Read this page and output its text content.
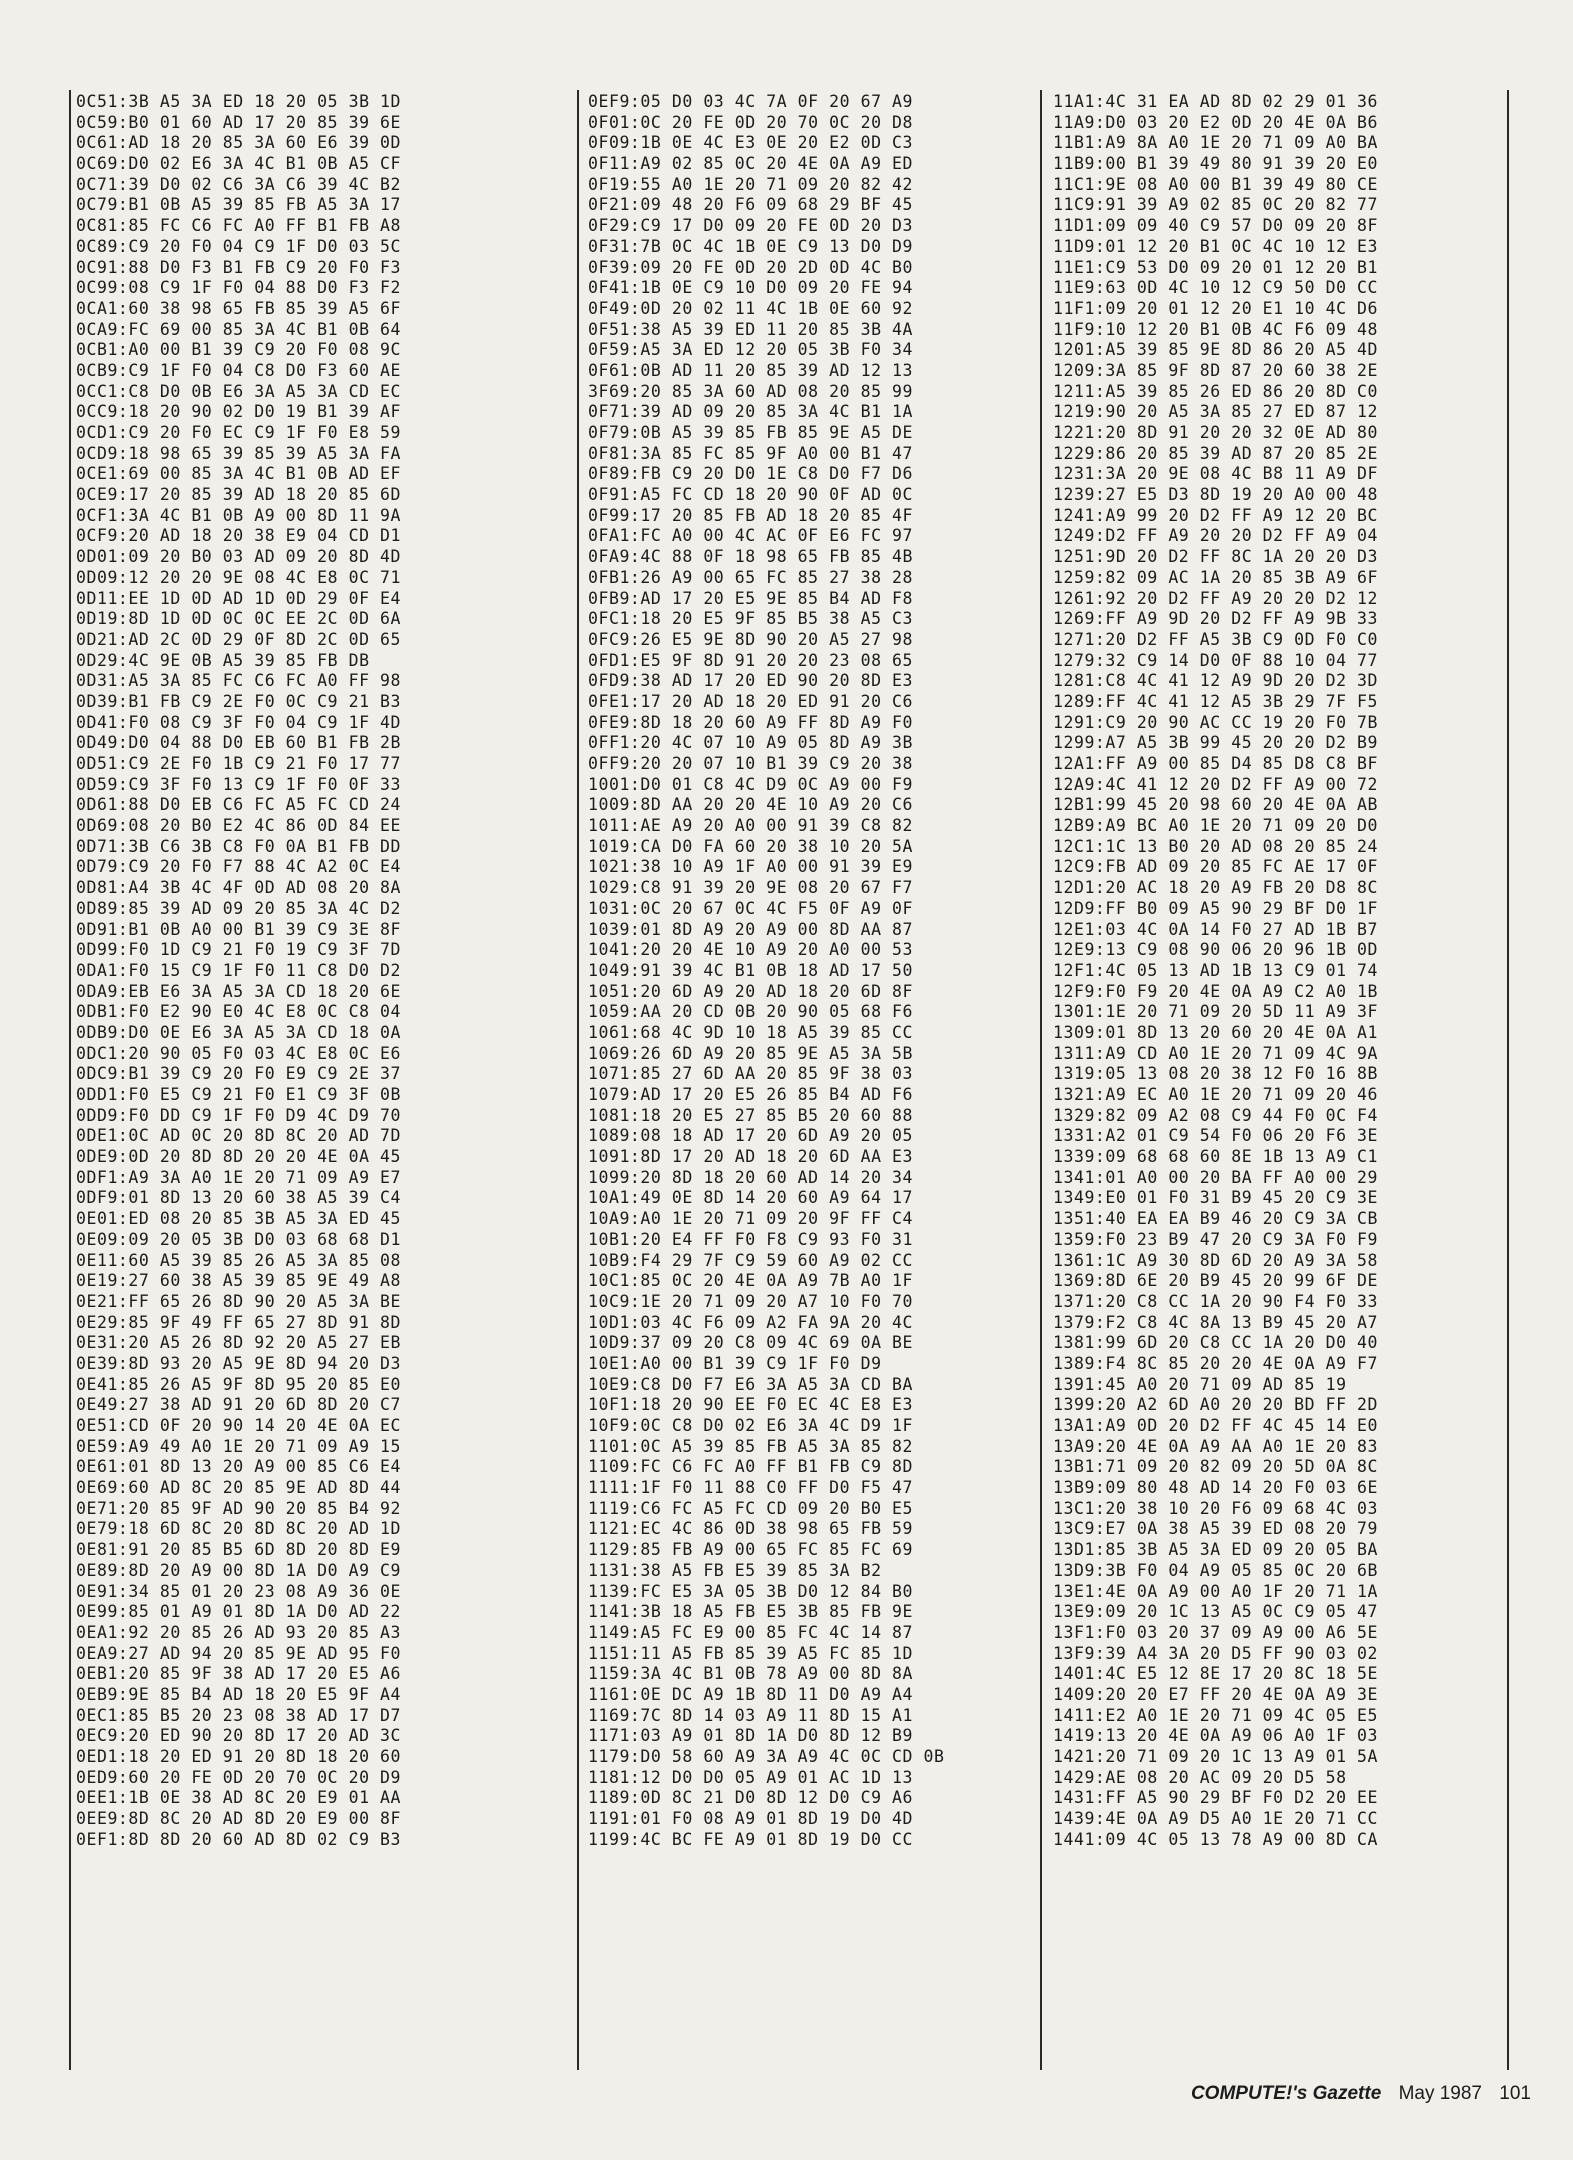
0C51:3B A5 3A ED 18 20 05 3B 1D
0C59:B0 01 60 AD 17 20 85 39 6E
0C61:AD 18 20 85 3A 60 E6 39 0D
0C69:D0 02 E6 3A 4C B1 0B A5 CF
0C71:39 D0 02 C6 3A C6 39 4C B2
0C79:B1 0B A5 39 85 FB A5 3A 17
0C81:85 FC C6 FC A0 FF B1 FB A8
0C89:C9 20 F0 04 C9 1F D0 03 5C
0C91:88 D0 F3 B1 FB C9 20 F0 F3
0C99:08 C9 1F F0 04 88 D0 F3 F2
0CA1:60 38 98 65 FB 85 39 A5 6F
0CA9:FC 69 00 85 3A 4C B1 0B 64
0CB1:A0 00 B1 39 C9 20 F0 08 9C
0CB9:C9 1F F0 04 C8 D0 F3 60 AE
0CC1:C8 D0 0B E6 3A A5 3A CD EC
0CC9:18 20 90 02 D0 19 B1 39 AF
0CD1:C9 20 F0 EC C9 1F F0 E8 59
0CD9:18 98 65 39 85 39 A5 3A FA
0CE1:69 00 85 3A 4C B1 0B AD EF
0CE9:17 20 85 39 AD 18 20 85 6D
0CF1:3A 4C B1 0B A9 00 8D 11 9A
0CF9:20 AD 18 20 38 E9 04 CD D1
0D01:09 20 B0 03 AD 09 20 8D 4D
0D09:12 20 20 9E 08 4C E8 0C 71
0D11:EE 1D 0D AD 1D 0D 29 0F E4
0D19:8D 1D 0D 0C 0C EE 2C 0D 6A
0D21:AD 2C 0D 29 0F 8D 2C 0D 65
0D29:4C 9E 0B A5 39 85 FB DB
0D31:A5 3A 85 FC C6 FC A0 FF 98
0D39:B1 FB C9 2E F0 0C C9 21 B3
0D41:F0 08 C9 3F F0 04 C9 1F 4D
0D49:D0 04 88 D0 EB 60 B1 FB 2B
0D51:C9 2E F0 1B C9 21 F0 17 77
0D59:C9 3F F0 13 C9 1F F0 0F 33
0D61:88 D0 EB C6 FC A5 FC CD 24
0D69:08 20 B0 E2 4C 86 0D 84 EE
0D71:3B C6 3B C8 F0 0A B1 FB DD
0D79:C9 20 F0 F7 88 4C A2 0C E4
0D81:A4 3B 4C 4F 0D AD 08 20 8A
0D89:85 39 AD 09 20 85 3A 4C D2
0D91:B1 0B A0 00 B1 39 C9 3E 8F
0D99:F0 1D C9 21 F0 19 C9 3F 7D
0DA1:F0 15 C9 1F F0 11 C8 D0 D2
0DA9:EB E6 3A A5 3A CD 18 20 6E
0DB1:F0 E2 90 E0 4C E8 0C C8 04
0DB9:D0 0E E6 3A A5 3A CD 18 0A
0DC1:20 90 05 F0 03 4C E8 0C E6
0DC9:B1 39 C9 20 F0 E9 C9 2E 37
0DD1:F0 E5 C9 21 F0 E1 C9 3F 0B
0DD9:F0 DD C9 1F F0 D9 4C D9 70
0DE1:0C AD 0C 20 8D 8C 20 AD 7D
0DE9:0D 20 8D 8D 20 20 4E 0A 45
0DF1:A9 3A A0 1E 20 71 09 A9 E7
0DF9:01 8D 13 20 60 38 A5 39 C4
0E01:ED 08 20 85 3B A5 3A ED 45
0E09:09 20 05 3B D0 03 68 68 D1
0E11:60 A5 39 85 26 A5 3A 85 08
0E19:27 60 38 A5 39 85 9E 49 A8
0E21:FF 65 26 8D 90 20 A5 3A BE
0E29:85 9F 49 FF 65 27 8D 91 8D
0E31:20 A5 26 8D 92 20 A5 27 EB
0E39:8D 93 20 A5 9E 8D 94 20 D3
0E41:85 26 A5 9F 8D 95 20 85 E0
0E49:27 38 AD 91 20 6D 8D 20 C7
0E51:CD 0F 20 90 14 20 4E 0A EC
0E59:A9 49 A0 1E 20 71 09 A9 15
0E61:01 8D 13 20 A9 00 85 C6 E4
0E69:60 AD 8C 20 85 9E AD 8D 44
0E71:20 85 9F AD 90 20 85 B4 92
0E79:18 6D 8C 20 8D 8C 20 AD 1D
0E81:91 20 85 B5 6D 8D 20 8D E9
0E89:8D 20 A9 00 8D 1A D0 A9 C9
0E91:34 85 01 20 23 08 A9 36 0E
0E99:85 01 A9 01 8D 1A D0 AD 22
0EA1:92 20 85 26 AD 93 20 85 A3
0EA9:27 AD 94 20 85 9E AD 95 F0
0EB1:20 85 9F 38 AD 17 20 E5 A6
0EB9:9E 85 B4 AD 18 20 E5 9F A4
0EC1:85 B5 20 23 08 38 AD 17 D7
0EC9:20 ED 90 20 8D 17 20 AD 3C
0ED1:18 20 ED 91 20 8D 18 20 60
0ED9:60 20 FE 0D 20 70 0C 20 D9
0EE1:1B 0E 38 AD 8C 20 E9 01 AA
0EE9:8D 8C 20 AD 8D 20 E9 00 8F
0EF1:8D 8D 20 60 AD 8D 02 C9 B3
0EF9:05 D0 03 4C 7A 0F 20 67 A9
0F01:0C 20 FE 0D 20 70 0C 20 D8
0F09:1B 0E 4C E3 0E 20 E2 0D C3
0F11:A9 02 85 0C 20 4E 0A A9 ED
0F19:55 A0 1E 20 71 09 20 82 42
0F21:09 48 20 F6 09 68 29 BF 45
0F29:C9 17 D0 09 20 FE 0D 20 D3
0F31:7B 0C 4C 1B 0E C9 13 D0 D9
0F39:09 20 FE 0D 20 2D 0D 4C B0
0F41:1B 0E C9 10 D0 09 20 FE 94
0F49:0D 20 02 11 4C 1B 0E 60 92
0F51:38 A5 39 ED 11 20 85 3B 4A
0F59:A5 3A ED 12 20 05 3B F0 34
0F61:0B AD 11 20 85 39 AD 12 13
3F69:20 85 3A 60 AD 08 20 85 99
0F71:39 AD 09 20 85 3A 4C B1 1A
0F79:0B A5 39 85 FB 85 9E A5 DE
0F81:3A 85 FC 85 9F A0 00 B1 47
0F89:FB C9 20 D0 1E C8 D0 F7 D6
0F91:A5 FC CD 18 20 90 0F AD 0C
0F99:17 20 85 FB AD 18 20 85 4F
0FA1:FC A0 00 4C AC 0F E6 FC 97
0FA9:4C 88 0F 18 98 65 FB 85 4B
0FB1:26 A9 00 65 FC 85 27 38 28
0FB9:AD 17 20 E5 9E 85 B4 AD F8
0FC1:18 20 E5 9F 85 B5 38 A5 C3
0FC9:26 E5 9E 8D 90 20 A5 27 98
0FD1:E5 9F 8D 91 20 20 23 08 65
0FD9:38 AD 17 20 ED 90 20 8D E3
0FE1:17 20 AD 18 20 ED 91 20 C6
0FE9:8D 18 20 60 A9 FF 8D A9 F0
0FF1:20 4C 07 10 A9 05 8D A9 3B
0FF9:20 20 07 10 B1 39 C9 20 38
1001:D0 01 C8 4C D9 0C A9 00 F9
1009:8D AA 20 20 4E 10 A9 20 C6
1011:AE A9 20 A0 00 91 39 C8 82
1019:CA D0 FA 60 20 38 10 20 5A
1021:38 10 A9 1F A0 00 91 39 E9
1029:C8 91 39 20 9E 08 20 67 F7
1031:0C 20 67 0C 4C F5 0F A9 0F
1039:01 8D A9 20 A9 00 8D AA 87
1041:20 20 4E 10 A9 20 A0 00 53
1049:91 39 4C B1 0B 18 AD 17 50
1051:20 6D A9 20 AD 18 20 6D 8F
1059:AA 20 CD 0B 20 90 05 68 F6
1061:68 4C 9D 10 18 A5 39 85 CC
1069:26 6D A9 20 85 9E A5 3A 5B
1071:85 27 6D AA 20 85 9F 38 03
1079:AD 17 20 E5 26 85 B4 AD F6
1081:18 20 E5 27 85 B5 20 60 88
1089:08 18 AD 17 20 6D A9 20 05
1091:8D 17 20 AD 18 20 6D AA E3
1099:20 8D 18 20 60 AD 14 20 34
10A1:49 0E 8D 14 20 60 A9 64 17
10A9:A0 1E 20 71 09 20 9F FF C4
10B1:20 E4 FF F0 F8 C9 93 F0 31
10B9:F4 29 7F C9 59 60 A9 02 CC
10C1:85 0C 20 4E 0A A9 7B A0 1F
10C9:1E 20 71 09 20 A7 10 F0 70
10D1:03 4C F6 09 A2 FA 9A 20 4C
10D9:37 09 20 C8 09 4C 69 0A BE
10E1:A0 00 B1 39 C9 1F F0 D9
10E9:C8 D0 F7 E6 3A A5 3A CD BA
10F1:18 20 90 EE F0 EC 4C E8 E3
10F9:0C C8 D0 02 E6 3A 4C D9 1F
1101:0C A5 39 85 FB A5 3A 85 82
1109:FC C6 FC A0 FF B1 FB C9 8D
1111:1F F0 11 88 C0 FF D0 F5 47
1119:C6 FC A5 FC CD 09 20 B0 E5
1121:EC 4C 86 0D 38 98 65 FB 59
1129:85 FB A9 00 65 FC 85 FC 69
1131:38 A5 FB E5 39 85 3A B2
1139:FC E5 3A 05 3B D0 12 84 B0
1141:3B 18 A5 FB E5 3B 85 FB 9E
1149:A5 FC E9 00 85 FC 4C 14 87
1151:11 A5 FB 85 39 A5 FC 85 1D
1159:3A 4C B1 0B 78 A9 00 8D 8A
1161:0E DC A9 1B 8D 11 D0 A9 A4
1169:7C 8D 14 03 A9 11 8D 15 A1
1171:03 A9 01 8D 1A D0 8D 12 B9
1179:D0 58 60 A9 3A A9 4C 0C CD 0B
1181:12 D0 D0 05 A9 01 AC 1D 13
1189:0D 8C 21 D0 8D 12 D0 C9 A6
1191:01 F0 08 A9 01 8D 19 D0 4D
1199:4C BC FE A9 01 8D 19 D0 CC
11A1:4C 31 EA AD 8D 02 29 01 36
11A9:D0 03 20 E2 0D 20 4E 0A B6
11B1:A9 8A A0 1E 20 71 09 A0 BA
11B9:00 B1 39 49 80 91 39 20 E0
11C1:9E 08 A0 00 B1 39 49 80 CE
11C9:91 39 A9 02 85 0C 20 82 77
11D1:09 09 40 C9 57 D0 09 20 8F
11D9:01 12 20 B1 0C 4C 10 12 E3
11E1:C9 53 D0 09 20 01 12 20 B1
11E9:63 0D 4C 10 12 C9 50 D0 CC
11F1:09 20 01 12 20 E1 10 4C D6
11F9:10 12 20 B1 0B 4C F6 09 48
1201:A5 39 85 9E 8D 86 20 A5 4D
1209:3A 85 9F 8D 87 20 60 38 2E
1211:A5 39 85 26 ED 86 20 8D C0
1219:90 20 A5 3A 85 27 ED 87 12
1221:20 8D 91 20 20 32 0E AD 80
1229:86 20 85 39 AD 87 20 85 2E
1231:3A 20 9E 08 4C B8 11 A9 DF
1239:27 E5 D3 8D 19 20 A0 00 48
1241:A9 99 20 D2 FF A9 12 20 BC
1249:D2 FF A9 20 20 D2 FF A9 04
1251:9D 20 D2 FF 8C 1A 20 20 D3
1259:82 09 AC 1A 20 85 3B A9 6F
1261:92 20 D2 FF A9 20 20 D2 12
1269:FF A9 9D 20 D2 FF A9 9B 33
1271:20 D2 FF A5 3B C9 0D F0 C0
1279:32 C9 14 D0 0F 88 10 04 77
1281:C8 4C 41 12 A9 9D 20 D2 3D
1289:FF 4C 41 12 A5 3B 29 7F F5
1291:C9 20 90 AC CC 19 20 F0 7B
1299:A7 A5 3B 99 45 20 20 D2 B9
12A1:FF A9 00 85 D4 85 D8 C8 BF
12A9:4C 41 12 20 D2 FF A9 00 72
12B1:99 45 20 98 60 20 4E 0A AB
12B9:A9 BC A0 1E 20 71 09 20 D0
12C1:1C 13 B0 20 AD 08 20 85 24
12C9:FB AD 09 20 85 FC AE 17 0F
12D1:20 AC 18 20 A9 FB 20 D8 8C
12D9:FF B0 09 A5 90 29 BF D0 1F
12E1:03 4C 0A 14 F0 27 AD 1B B7
12E9:13 C9 08 90 06 20 96 1B 0D
12F1:4C 05 13 AD 1B 13 C9 01 74
12F9:F0 F9 20 4E 0A A9 C2 A0 1B
1301:1E 20 71 09 20 5D 11 A9 3F
1309:01 8D 13 20 60 20 4E 0A A1
1311:A9 CD A0 1E 20 71 09 4C 9A
1319:05 13 08 20 38 12 F0 16 8B
1321:A9 EC A0 1E 20 71 09 20 46
1329:82 09 A2 08 C9 44 F0 0C F4
1331:A2 01 C9 54 F0 06 20 F6 3E
1339:09 68 68 60 8E 1B 13 A9 C1
1341:01 A0 00 20 BA FF A0 00 29
1349:E0 01 F0 31 B9 45 20 C9 3E
1351:40 EA EA B9 46 20 C9 3A CB
1359:F0 23 B9 47 20 C9 3A F0 F9
1361:1C A9 30 8D 6D 20 A9 3A 58
1369:8D 6E 20 B9 45 20 99 6F DE
1371:20 C8 CC 1A 20 90 F4 F0 33
1379:F2 C8 4C 8A 13 B9 45 20 A7
1381:99 6D 20 C8 CC 1A 20 D0 40
1389:F4 8C 85 20 20 4E 0A A9 F7
1391:45 A0 20 71 09 AD 85 19
1399:20 A2 6D A0 20 20 BD FF 2D
13A1:A9 0D 20 D2 FF 4C 45 14 E0
13A9:20 4E 0A A9 AA A0 1E 20 83
13B1:71 09 20 82 09 20 5D 0A 8C
13B9:09 80 48 AD 14 20 F0 03 6E
13C1:20 38 10 20 F6 09 68 4C 03
13C9:E7 0A 38 A5 39 ED 08 20 79
13D1:85 3B A5 3A ED 09 20 05 BA
13D9:3B F0 04 A9 05 85 0C 20 6B
13E1:4E 0A A9 00 A0 1F 20 71 1A
13E9:09 20 1C 13 A5 0C C9 05 47
13F1:F0 03 20 37 09 A9 00 A6 5E
13F9:39 A4 3A 20 D5 FF 90 03 02
1401:4C E5 12 8E 17 20 8C 18 5E
1409:20 20 E7 FF 20 4E 0A A9 3E
1411:E2 A0 1E 20 71 09 4C 05 E5
1419:13 20 4E 0A A9 06 A0 1F 03
1421:20 71 09 20 1C 13 A9 01 5A
1429:AE 08 20 AC 09 20 D5 58
1431:FF A5 90 29 BF F0 D2 20 EE
1439:4E 0A A9 D5 A0 1E 20 71 CC
1441:09 4C 05 13 78 A9 00 8D CA
COMPUTE!'s Gazette May 1987 101
